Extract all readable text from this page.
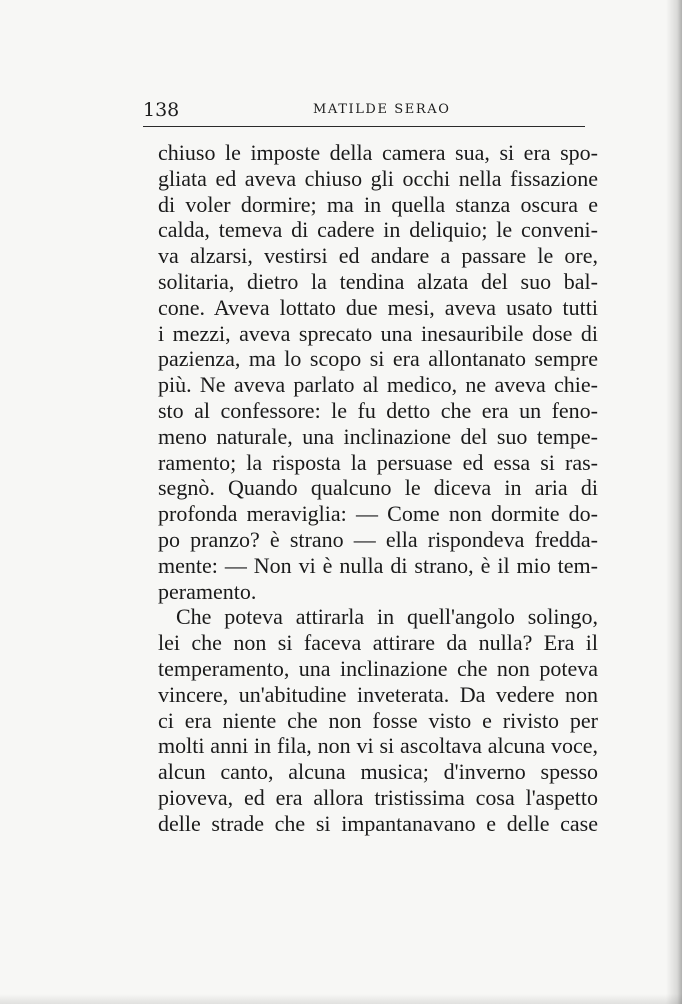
138	MATILDE SERAO
chiuso le imposte della camera sua, si era spo-
gliata ed aveva chiuso gli occhi nella fissazione
di voler dormire; ma in quella stanza oscura e
calda, temeva di cadere in deliquio; le conveni-
va alzarsi, vestirsi ed andare a passare le ore,
solitaria, dietro la tendina alzata del suo bal-
cone. Aveva lottato due mesi, aveva usato tutti
i mezzi, aveva sprecato una inesauribile dose di
pazienza, ma lo scopo si era allontanato sempre
più. Ne aveva parlato al medico, ne aveva chie-
sto al confessore: le fu detto che era un feno-
meno naturale, una inclinazione del suo tempe-
ramento; la risposta la persuase ed essa si ras-
segnò. Quando qualcuno le diceva in aria di
profonda meraviglia: — Come non dormite do-
po pranzo? è strano — ella rispondeva fredda-
mente: — Non vi è nulla di strano, è il mio tem-
peramento.
Che poteva attirarla in quell'angolo solingo,
lei che non si faceva attirare da nulla? Era il
temperamento, una inclinazione che non poteva
vincere, un'abitudine inveterata. Da vedere non
ci era niente che non fosse visto e rivisto per
molti anni in fila, non vi si ascoltava alcuna voce,
alcun canto, alcuna musica; d'inverno spesso
pioveva, ed era allora tristissima cosa l'aspetto
delle strade che si impantanavano e delle case
